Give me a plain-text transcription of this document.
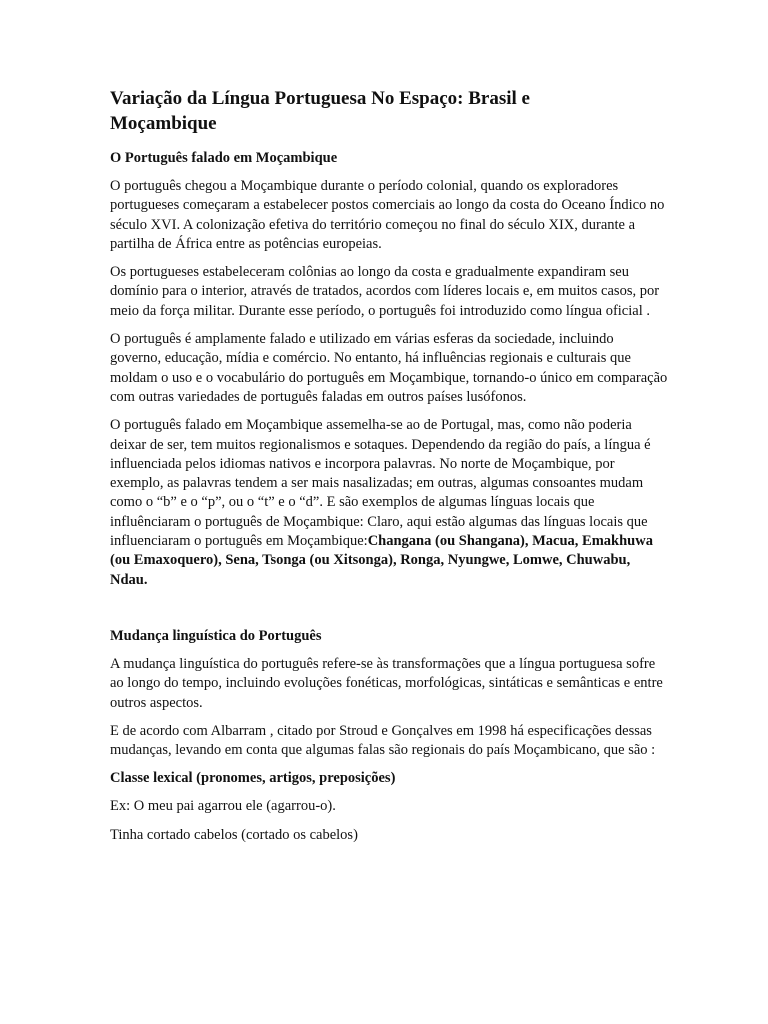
Variação da Língua Portuguesa No Espaço: Brasil e Moçambique
O Português falado em Moçambique

O português chegou a Moçambique durante o período colonial, quando os exploradores portugueses começaram a estabelecer postos comerciais ao longo da costa do Oceano Índico no século XVI. A colonização efetiva do território começou no final do século XIX, durante a partilha de África entre as potências europeias.

Os portugueses estabeleceram colônias ao longo da costa e gradualmente expandiram seu domínio para o interior, através de tratados, acordos com líderes locais e, em muitos casos, por meio da força militar. Durante esse período, o português foi introduzido como língua oficial .

O português é amplamente falado e utilizado em várias esferas da sociedade, incluindo governo, educação, mídia e comércio. No entanto, há influências regionais e culturais que moldam o uso e o vocabulário do português em Moçambique, tornando-o único em comparação com outras variedades de português faladas em outros países lusófonos.

O português falado em Moçambique assemelha-se ao de Portugal, mas, como não poderia deixar de ser, tem muitos regionalismos e sotaques. Dependendo da região do país, a língua é influenciada pelos idiomas nativos e incorpora palavras. No norte de Moçambique, por exemplo, as palavras tendem a ser mais nasalizadas; em outras, algumas consoantes mudam como o “b” e o “p”, ou o “t” e o “d”. E são exemplos de algumas línguas locais que influênciaram o português de Moçambique: Claro, aqui estão algumas das línguas locais que influenciaram o português em Moçambique:Changana (ou Shangana), Macua, Emakhuwa (ou Emaxoquero), Sena, Tsonga (ou Xitsonga), Ronga, Nyungwe, Lomwe, Chuwabu, Ndau.

Mudança linguística do Português

A mudança linguística do português refere-se às transformações que a língua portuguesa sofre ao longo do tempo, incluindo evoluções fonéticas, morfológicas, sintáticas e semânticas e entre outros aspectos.

E de acordo com Albarram , citado por Stroud e Gonçalves em 1998 há especificações dessas mudanças, levando em conta que algumas falas são regionais do país Moçambicano, que são :

Classe lexical (pronomes, artigos, preposições)

Ex: O meu pai agarrou ele (agarrou-o).

Tinha cortado cabelos (cortado os cabelos)
